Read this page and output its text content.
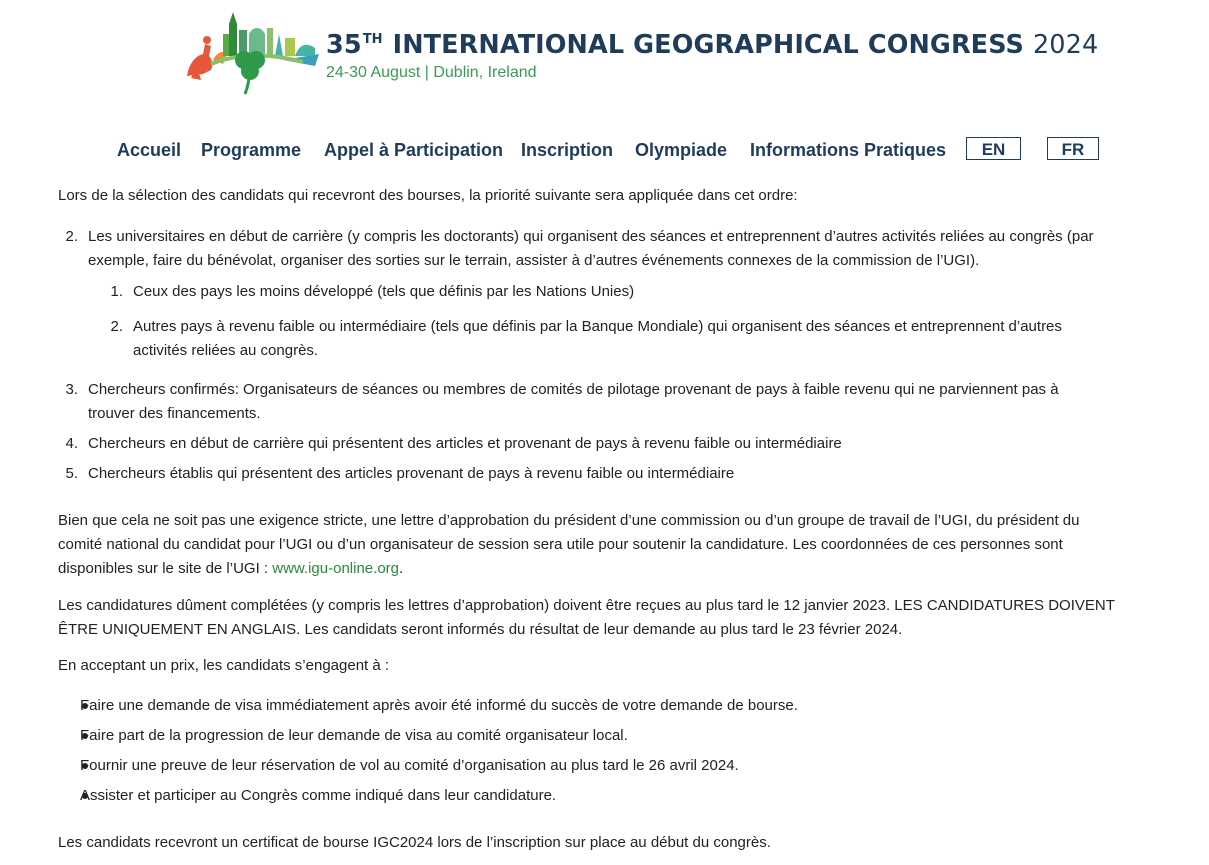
35TH INTERNATIONAL GEOGRAPHICAL CONGRESS 2024
24-30 August | Dublin, Ireland
Accueil Programme Appel à Participation Inscription Olympiade Informations Pratiques	EN	FR

Lors de la sélection des candidats qui recevront des bourses, la priorité suivante sera appliquée dans cet ordre:

2. Les universitaires en début de carrière (y compris les doctorants) qui organisent des séances et entreprennent d’autres activités reliées au congrès (par

exemple, faire du bénévolat, organiser des sorties sur le terrain, assister à d’autres événements connexes de la commission de l’UGI).

1. Ceux des pays les moins développé (tels que définis par les Nations Unies)

2. Autres pays à revenu faible ou intermédiaire (tels que définis par la Banque Mondiale) qui organisent des séances et entreprennent d’autres

activités reliées au congrès.

3. Chercheurs confirmés: Organisateurs de séances ou membres de comités de pilotage provenant de pays à faible revenu qui ne parviennent pas à

trouver des financements.

4. Chercheurs en début de carrière qui présentent des articles et provenant de pays à revenu faible ou intermédiaire

5. Chercheurs établis qui présentent des articles provenant de pays à revenu faible ou intermédiaire

Bien que cela ne soit pas une exigence stricte, une lettre d’approbation du président d’une commission ou d’un groupe de travail de l’UGI, du président du

comité national du candidat pour l’UGI ou d’un organisateur de session sera utile pour soutenir la candidature. Les coordonnées de ces personnes sont

disponibles sur le site de l’UGI : www.igu-online.org.

Les candidatures dûment complétées (y compris les lettres d’approbation) doivent être reçues au plus tard le 12 janvier 2023. LES CANDIDATURES DOIVENT

ÊTRE UNIQUEMENT EN ANGLAIS. Les candidats seront informés du résultat de leur demande au plus tard le 23 février 2024.

En acceptant un prix, les candidats s’engagent à :

Faire une demande de visa immédiatement après avoir été informé du succès de votre demande de bourse.

Faire part de la progression de leur demande de visa au comité organisateur local.

Fournir une preuve de leur réservation de vol au comité d’organisation au plus tard le 26 avril 2024.

Assister et participer au Congrès comme indiqué dans leur candidature.

Les candidats recevront un certificat de bourse IGC2024 lors de l’inscription sur place au début du congrès.
